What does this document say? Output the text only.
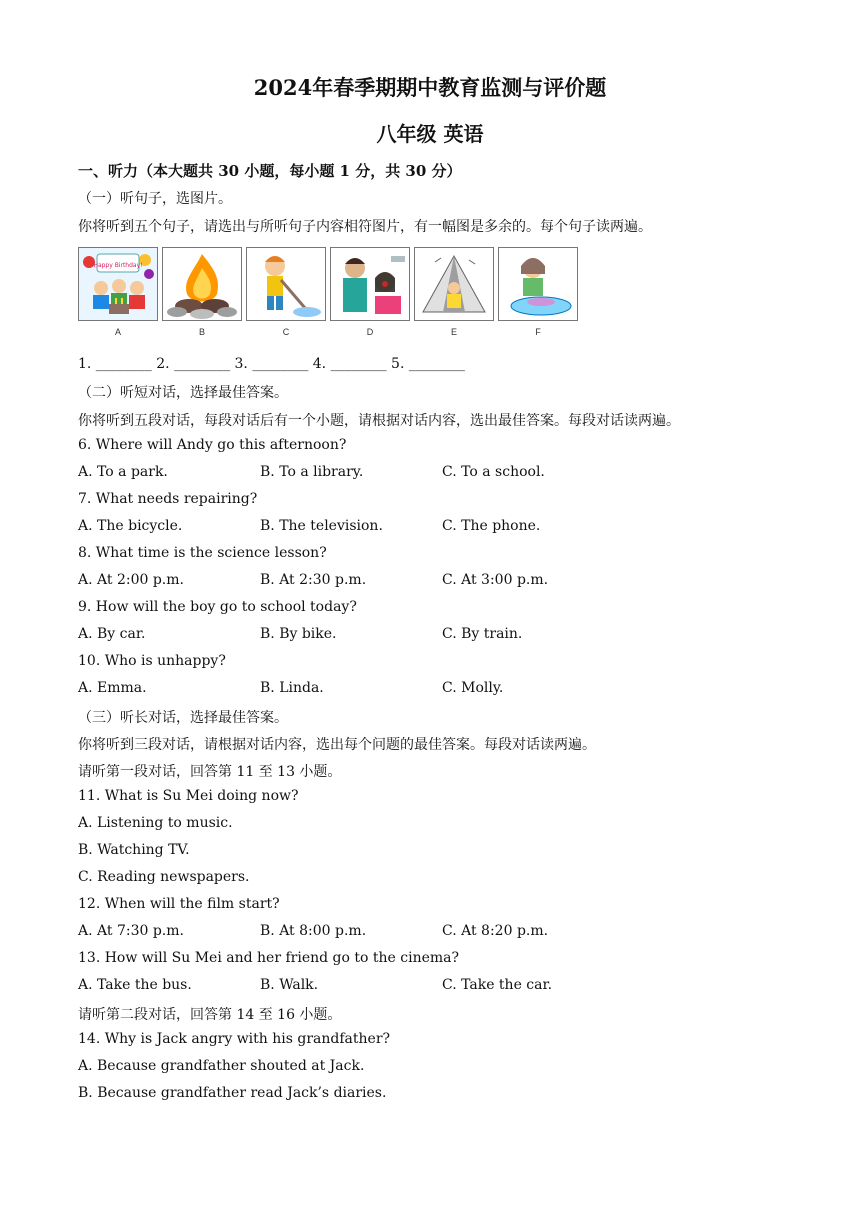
2024年春季期期中教育监测与评价题
八年级 英语
一、听力（本大题共 30 小题，每小题 1 分，共 30 分）
（一）听句子，选图片。
你将听到五个句子，请选出与所听句子内容相符图片，有一幅图是多余的。每个句子读两遍。
Happy Birthday!
A	B	C	D	E	F
1. ________ 2. ________ 3. ________ 4. ________ 5. ________
（二）听短对话，选择最佳答案。
你将听到五段对话，每段对话后有一个小题，请根据对话内容，选出最佳答案。每段对话读两遍。
6. Where will Andy go this afternoon?
A. To a park.	B. To a library.	C. To a school.
7. What needs repairing?
A. The bicycle.	B. The television.	C. The phone.
8. What time is the science lesson?
A. At 2:00 p.m.	B. At 2:30 p.m.	C. At 3:00 p.m.
9. How will the boy go to school today?
A. By car.	B. By bike.	C. By train.
10. Who is unhappy?
A. Emma.	B. Linda.	C. Molly.
（三）听长对话，选择最佳答案。
你将听到三段对话，请根据对话内容，选出每个问题的最佳答案。每段对话读两遍。
请听第一段对话，回答第 11 至 13 小题。
11. What is Su Mei doing now?
A. Listening to music.
B. Watching TV.
C. Reading newspapers.
12. When will the film start?
A. At 7:30 p.m.	B. At 8:00 p.m.	C. At 8:20 p.m.
13. How will Su Mei and her friend go to the cinema?
A. Take the bus.	B. Walk.	C. Take the car.
请听第二段对话，回答第 14 至 16 小题。
14. Why is Jack angry with his grandfather?
A. Because grandfather shouted at Jack.
B. Because grandfather read Jack’s diaries.
